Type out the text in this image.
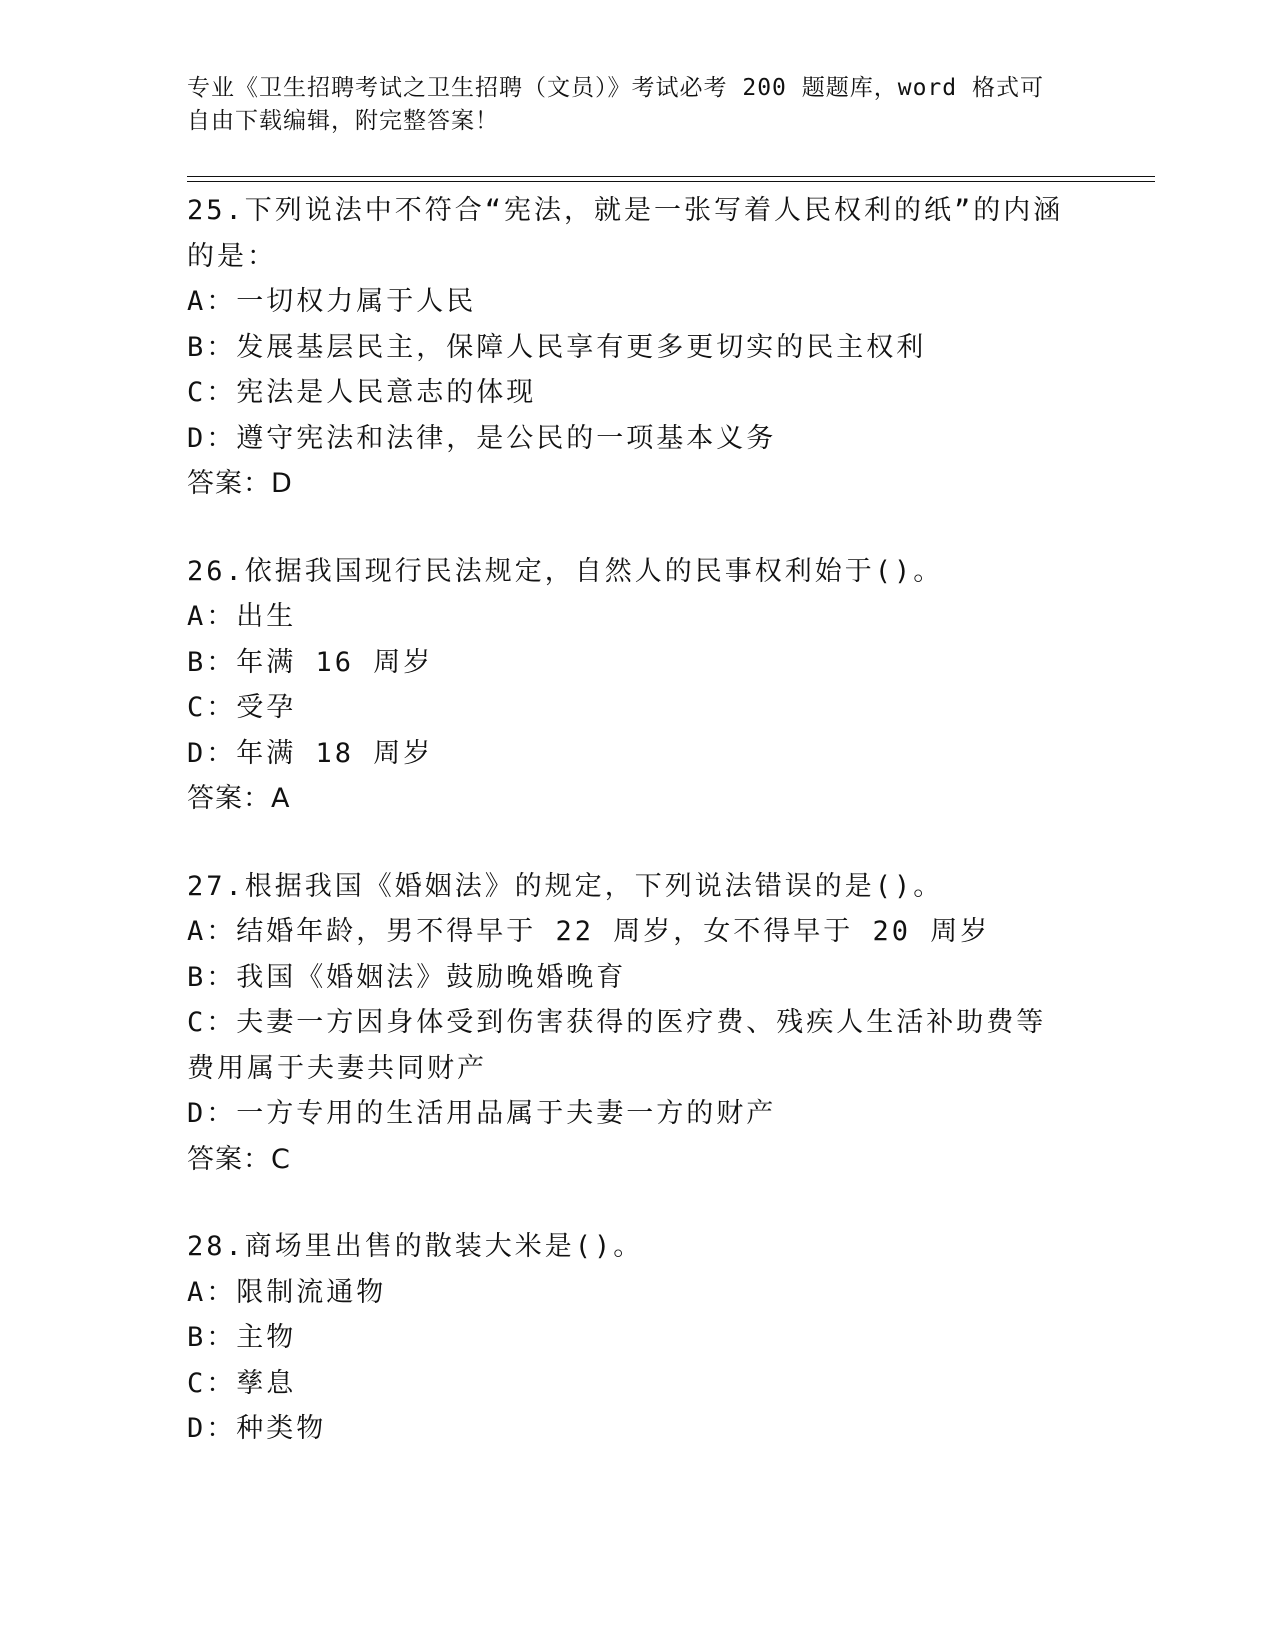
专业《卫生招聘考试之卫生招聘（文员）》考试必考 200 题题库，word 格式可自由下载编辑，附完整答案！
25.下列说法中不符合“宪法，就是一张写着人民权利的纸”的内涵的是：
A：一切权力属于人民
B：发展基层民主，保障人民享有更多更切实的民主权利
C：宪法是人民意志的体现
D：遵守宪法和法律，是公民的一项基本义务
答案：D
26.依据我国现行民法规定，自然人的民事权利始于()。
A：出生
B：年满 16 周岁
C：受孕
D：年满 18 周岁
答案：A
27.根据我国《婚姻法》的规定，下列说法错误的是()。
A：结婚年龄，男不得早于 22 周岁，女不得早于 20 周岁
B：我国《婚姻法》鼓励晚婚晚育
C：夫妻一方因身体受到伤害获得的医疗费、残疾人生活补助费等费用属于夫妻共同财产
D：一方专用的生活用品属于夫妻一方的财产
答案：C
28.商场里出售的散装大米是()。
A：限制流通物
B：主物
C：孳息
D：种类物
